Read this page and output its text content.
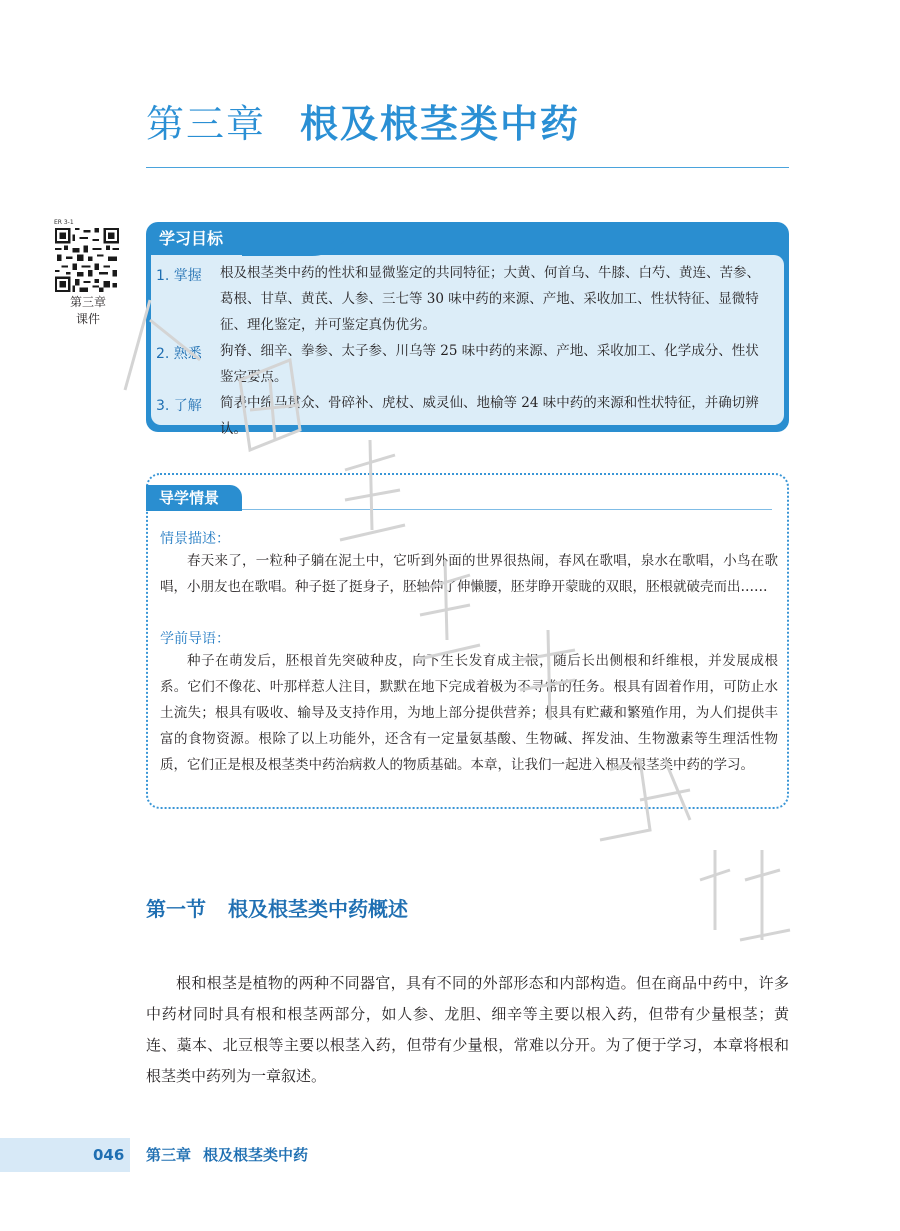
第三章 根及根茎类中药
ER 3-1
第三章
课件
学习目标
1. 掌握 根及根茎类中药的性状和显微鉴定的共同特征；大黄、何首乌、牛膝、白芍、黄连、苦参、葛根、甘草、黄芪、人参、三七等 30 味中药的来源、产地、采收加工、性状特征、显微特征、理化鉴定，并可鉴定真伪优劣。
2. 熟悉 狗脊、细辛、拳参、太子参、川乌等 25 味中药的来源、产地、采收加工、化学成分、性状鉴定要点。
3. 了解 简表中绵马贯众、骨碎补、虎杖、威灵仙、地榆等 24 味中药的来源和性状特征，并确切辨认。
导学情景
情景描述：
春天来了，一粒种子躺在泥土中，它听到外面的世界很热闹，春风在歌唱，泉水在歌唱，小鸟在歌唱，小朋友也在歌唱。种子挺了挺身子，胚轴伸了伸懒腰，胚芽睁开蒙眬的双眼，胚根就破壳而出……
学前导语：
种子在萌发后，胚根首先突破种皮，向下生长发育成主根，随后长出侧根和纤维根，并发展成根系。它们不像花、叶那样惹人注目，默默在地下完成着极为不寻常的任务。根具有固着作用，可防止水土流失；根具有吸收、输导及支持作用，为地上部分提供营养；根具有贮藏和繁殖作用，为人们提供丰富的食物资源。根除了以上功能外，还含有一定量氨基酸、生物碱、挥发油、生物激素等生理活性物质，它们正是根及根茎类中药治病救人的物质基础。本章，让我们一起进入根及根茎类中药的学习。
第一节 根及根茎类中药概述
根和根茎是植物的两种不同器官，具有不同的外部形态和内部构造。但在商品中药中，许多中药材同时具有根和根茎两部分，如人参、龙胆、细辛等主要以根入药，但带有少量根茎；黄连、藁本、北豆根等主要以根茎入药，但带有少量根，常难以分开。为了便于学习，本章将根和根茎类中药列为一章叙述。
046 第三章 根及根茎类中药
